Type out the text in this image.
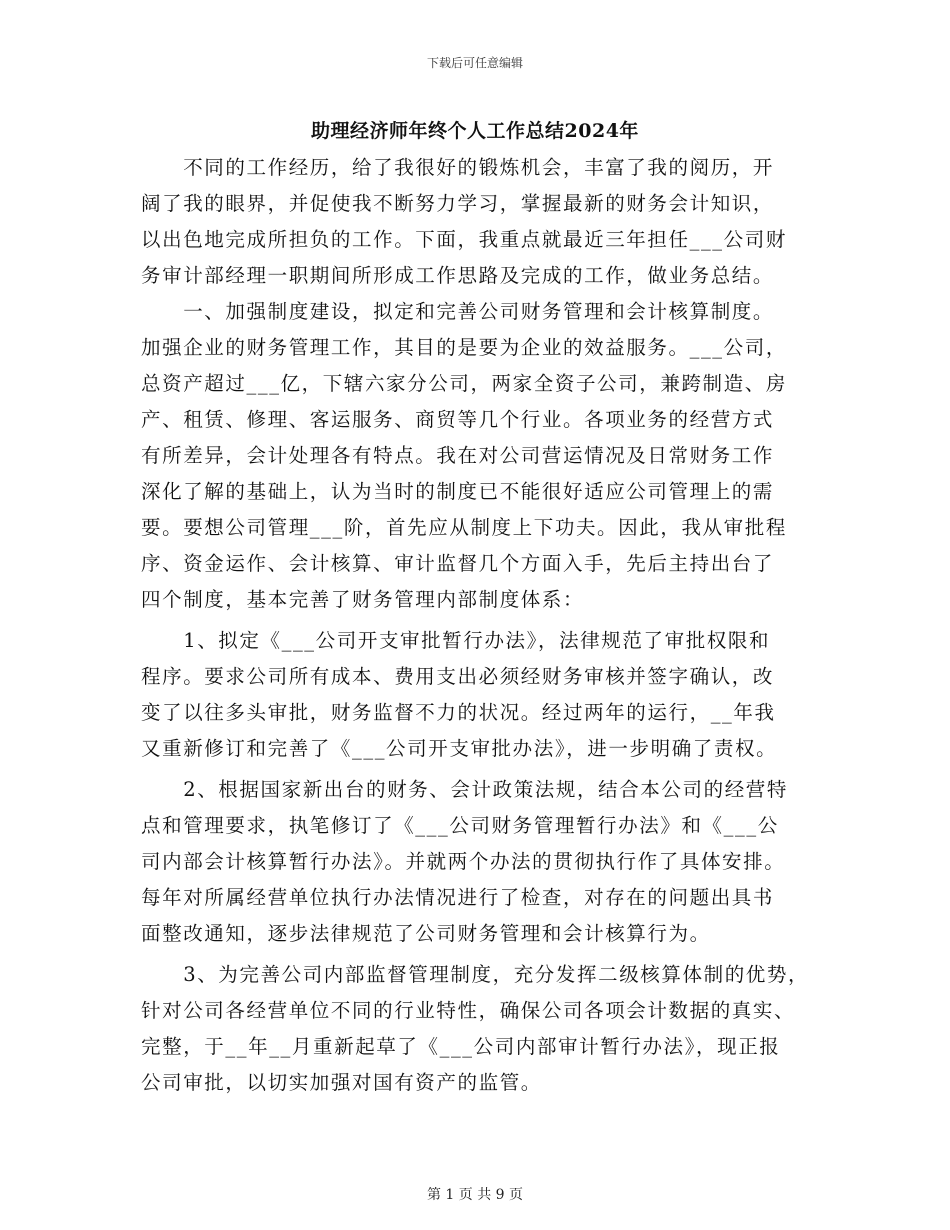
下载后可任意编辑
助理经济师年终个人工作总结2024年
　　不同的工作经历，给了我很好的锻炼机会，丰富了我的阅历，开
阔了我的眼界，并促使我不断努力学习，掌握最新的财务会计知识，
以出色地完成所担负的工作。下面，我重点就最近三年担任___公司财
务审计部经理一职期间所形成工作思路及完成的工作，做业务总结。
　　一、加强制度建设，拟定和完善公司财务管理和会计核算制度。
加强企业的财务管理工作，其目的是要为企业的效益服务。___公司，
总资产超过___亿，下辖六家分公司，两家全资子公司，兼跨制造、房
产、租赁、修理、客运服务、商贸等几个行业。各项业务的经营方式
有所差异，会计处理各有特点。我在对公司营运情况及日常财务工作
深化了解的基础上，认为当时的制度已不能很好适应公司管理上的需
要。要想公司管理___阶，首先应从制度上下功夫。因此，我从审批程
序、资金运作、会计核算、审计监督几个方面入手，先后主持出台了
四个制度，基本完善了财务管理内部制度体系：
　　1、拟定《___公司开支审批暂行办法》，法律规范了审批权限和
程序。要求公司所有成本、费用支出必须经财务审核并签字确认，改
变了以往多头审批，财务监督不力的状况。经过两年的运行，__年我
又重新修订和完善了《___公司开支审批办法》，进一步明确了责权。
　　2、根据国家新出台的财务、会计政策法规，结合本公司的经营特
点和管理要求，执笔修订了《___公司财务管理暂行办法》和《___公
司内部会计核算暂行办法》。并就两个办法的贯彻执行作了具体安排。
每年对所属经营单位执行办法情况进行了检查，对存在的问题出具书
面整改通知，逐步法律规范了公司财务管理和会计核算行为。
　　3、为完善公司内部监督管理制度，充分发挥二级核算体制的优势，
针对公司各经营单位不同的行业特性，确保公司各项会计数据的真实、
完整，于__年__月重新起草了《___公司内部审计暂行办法》，现正报
公司审批，以切实加强对国有资产的监管。
第 1 页 共 9 页
